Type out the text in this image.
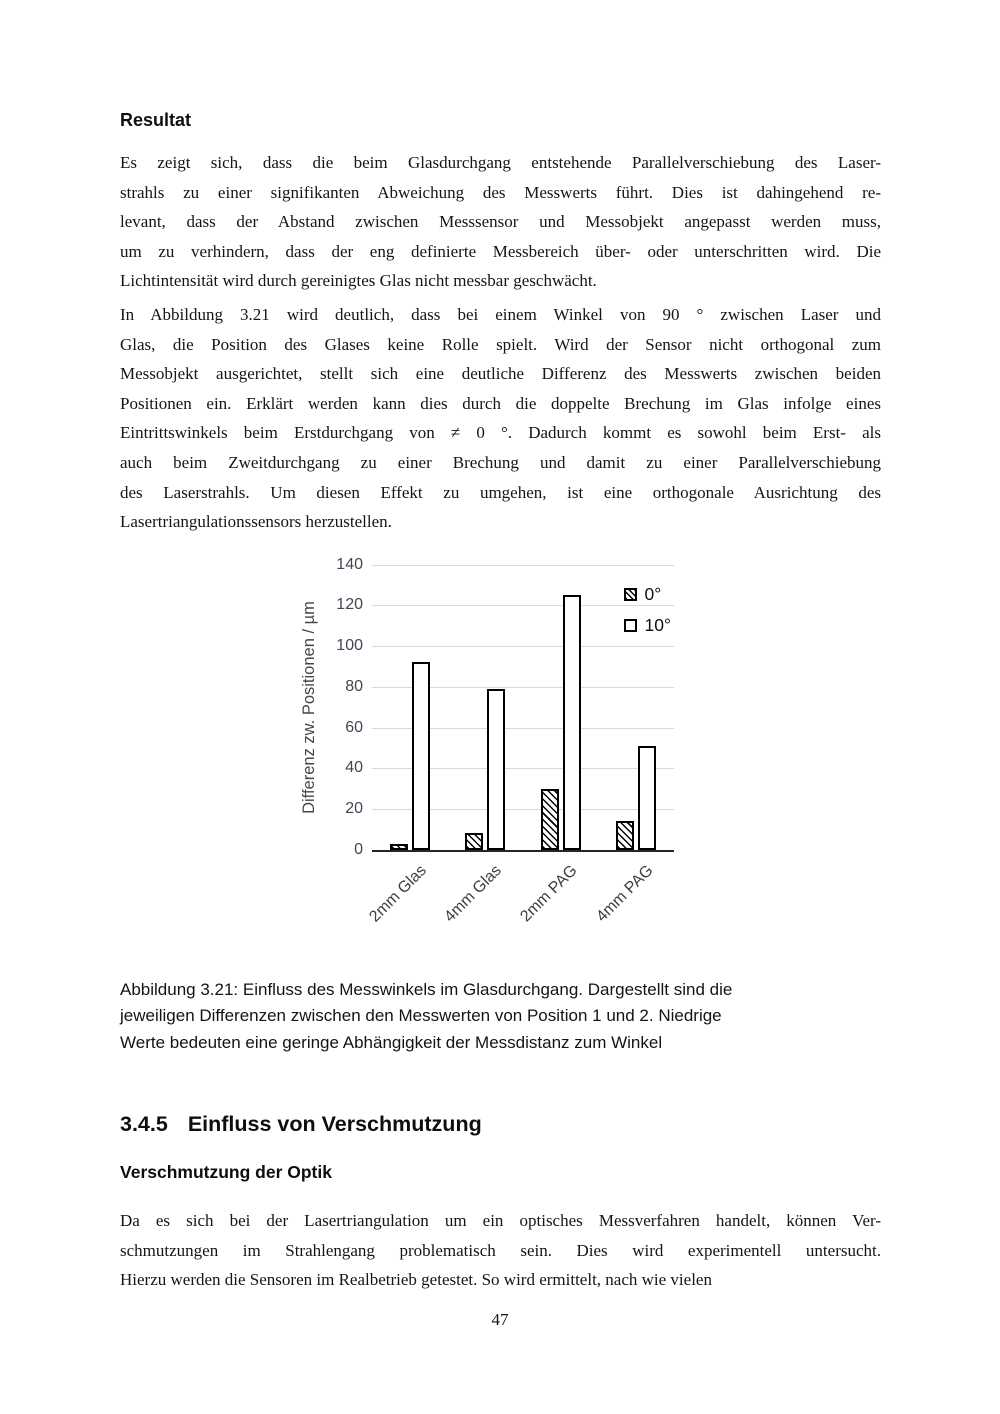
Resultat
Es zeigt sich, dass die beim Glasdurchgang entstehende Parallelverschiebung des Laser-
strahls zu einer signifikanten Abweichung des Messwerts führt. Dies ist dahingehend re-
levant, dass der Abstand zwischen Messsensor und Messobjekt angepasst werden muss,
um zu verhindern, dass der eng definierte Messbereich über- oder unterschritten wird. Die
Lichtintensität wird durch gereinigtes Glas nicht messbar geschwächt.
In Abbildung 3.21 wird deutlich, dass bei einem Winkel von 90 ° zwischen Laser und
Glas, die Position des Glases keine Rolle spielt. Wird der Sensor nicht orthogonal zum
Messobjekt ausgerichtet, stellt sich eine deutliche Differenz des Messwerts zwischen beiden
Positionen ein. Erklärt werden kann dies durch die doppelte Brechung im Glas infolge eines
Eintrittswinkels beim Erstdurchgang von ≠ 0 °. Dadurch kommt es sowohl beim Erst- als
auch beim Zweitdurchgang zu einer Brechung und damit zu einer Parallelverschiebung
des Laserstrahls. Um diesen Effekt zu umgehen, ist eine orthogonale Ausrichtung des
Lasertriangulationssensors herzustellen.
Differenz zw. Positionen / µm
0
20
40
60
80
100
120
140
0°
10°
2mm Glas 4mm Glas 2mm PAG 4mm PAG
Abbildung 3.21: Einfluss des Messwinkels im Glasdurchgang. Dargestellt sind die
jeweiligen Differenzen zwischen den Messwerten von Position 1 und 2. Niedrige
Werte bedeuten eine geringe Abhängigkeit der Messdistanz zum Winkel
3.4.5 Einfluss von Verschmutzung
Verschmutzung der Optik
Da es sich bei der Lasertriangulation um ein optisches Messverfahren handelt, können Ver-
schmutzungen im Strahlengang problematisch sein. Dies wird experimentell untersucht.
Hierzu werden die Sensoren im Realbetrieb getestet. So wird ermittelt, nach wie vielen
47
